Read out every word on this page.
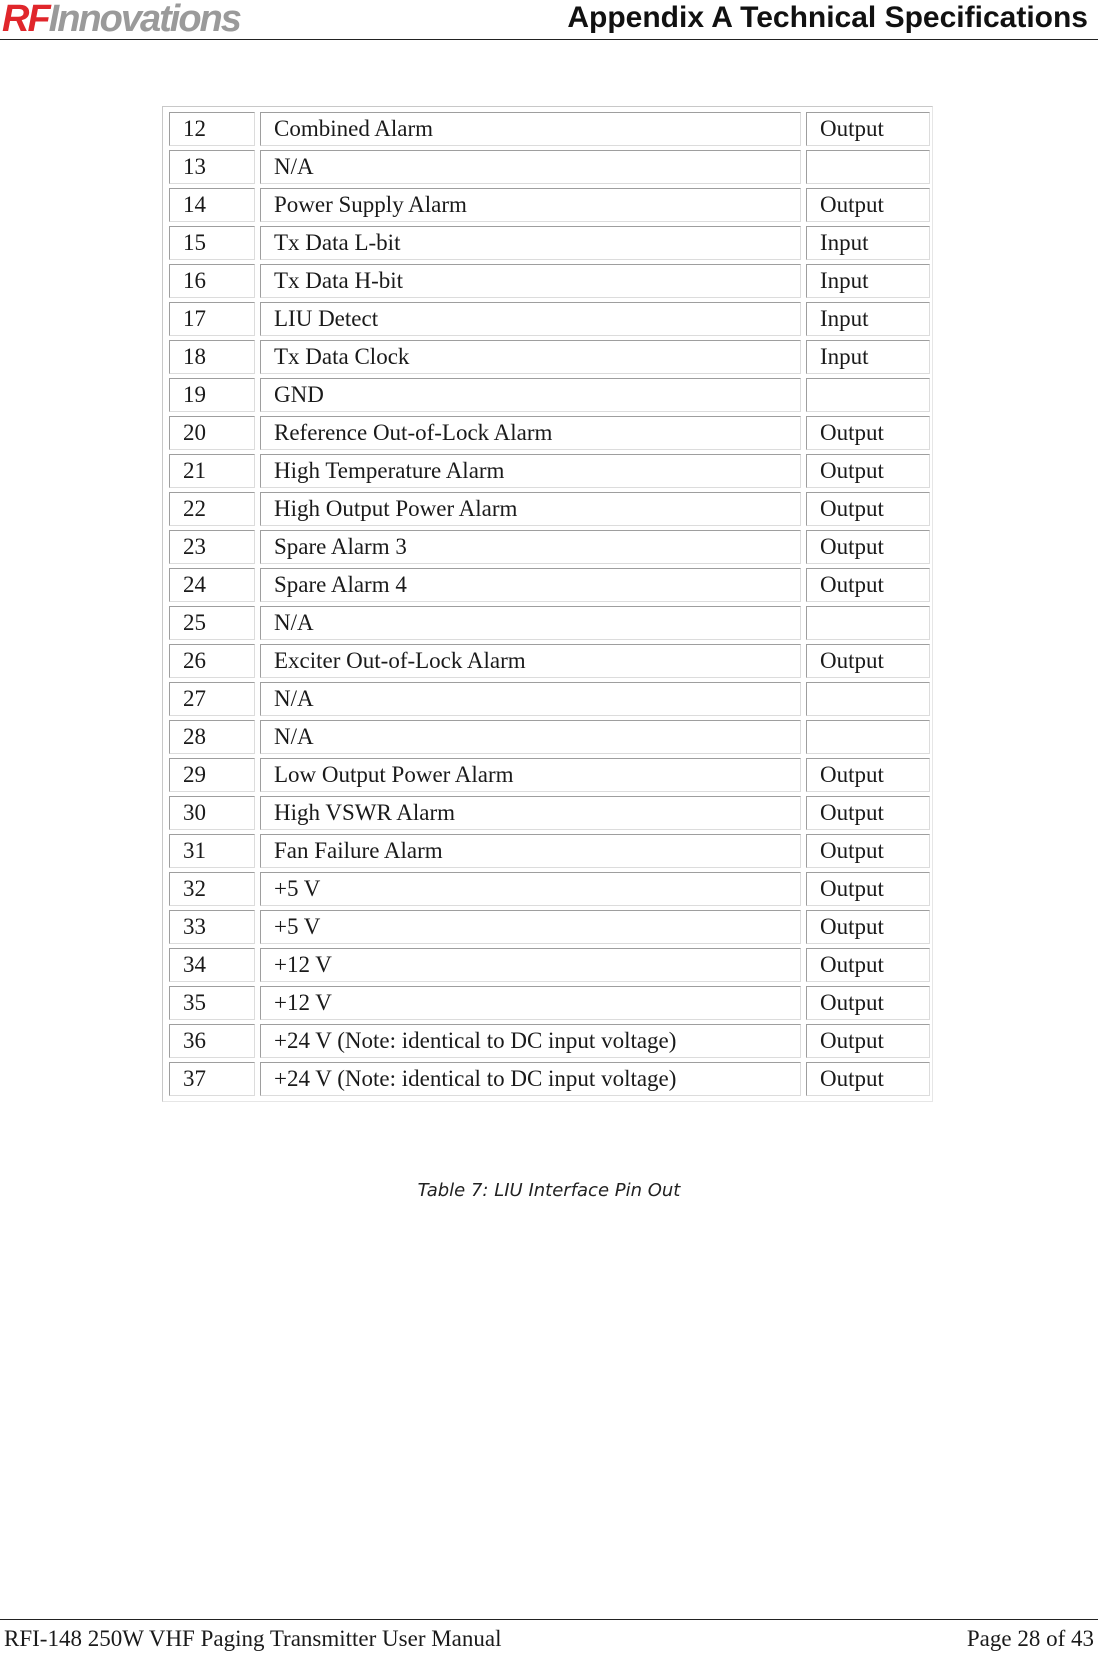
RFInnovations	Appendix A Technical Specifications
12	Combined Alarm	Output
13	N/A	
14	Power Supply Alarm	Output
15	Tx Data L-bit	Input
16	Tx Data H-bit	Input
17	LIU Detect	Input
18	Tx Data Clock	Input
19	GND	
20	Reference Out-of-Lock Alarm	Output
21	High Temperature Alarm	Output
22	High Output Power Alarm	Output
23	Spare Alarm 3	Output
24	Spare Alarm 4	Output
25	N/A	
26	Exciter Out-of-Lock Alarm	Output
27	N/A	
28	N/A	
29	Low Output Power Alarm	Output
30	High VSWR Alarm	Output
31	Fan Failure Alarm	Output
32	+5 V	Output
33	+5 V	Output
34	+12 V	Output
35	+12 V	Output
36	+24 V (Note: identical to DC input voltage)	Output
37	+24 V (Note: identical to DC input voltage)	Output
Table 7: LIU Interface Pin Out
RFI-148 250W VHF Paging Transmitter User Manual	Page 28 of 43
